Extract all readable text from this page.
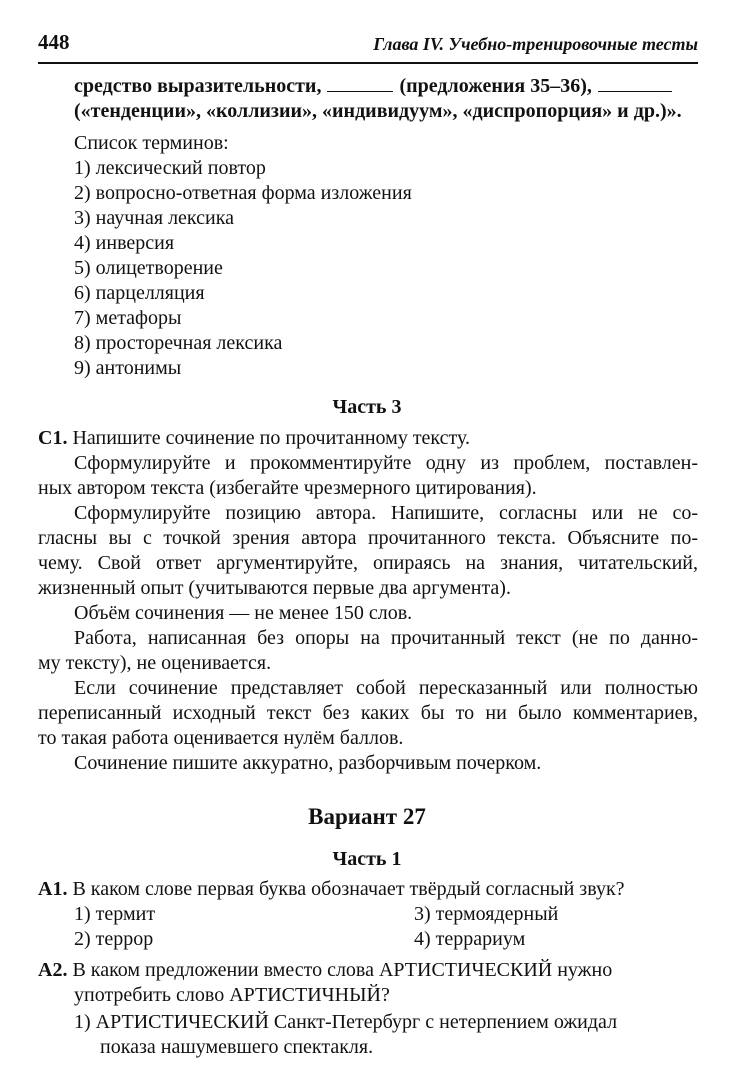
448	Глава IV. Учебно-тренировочные тесты
средство выразительности,	(предложения 35–36),
(«тенденции», «коллизии», «индивидуум», «диспропорция» и др.)».
Список терминов:
1) лексический повтор
2) вопросно-ответная форма изложения
3) научная лексика
4) инверсия
5) олицетворение
6) парцелляция
7) метафоры
8) просторечная лексика
9) антонимы
Часть 3
С1. Напишите сочинение по прочитанному тексту.
Сформулируйте и прокомментируйте одну из проблем, поставлен-
ных автором текста (избегайте чрезмерного цитирования).
Сформулируйте позицию автора. Напишите, согласны или не со-
гласны вы с точкой зрения автора прочитанного текста. Объясните по-
чему. Свой ответ аргументируйте, опираясь на знания, читательский,
жизненный опыт (учитываются первые два аргумента).
Объём сочинения — не менее 150 слов.
Работа, написанная без опоры на прочитанный текст (не по данно-
му тексту), не оценивается.
Если сочинение представляет собой пересказанный или полностью
переписанный исходный текст без каких бы то ни было комментариев,
то такая работа оценивается нулём баллов.
Сочинение пишите аккуратно, разборчивым почерком.
Вариант 27
Часть 1
А1. В каком слове первая буква обозначает твёрдый согласный звук?
1) термит	3) термоядерный
2) террор	4) террариум
А2. В каком предложении вместо слова АРТИСТИЧЕСКИЙ нужно
употребить слово АРТИСТИЧНЫЙ?
1) АРТИСТИЧЕСКИЙ Санкт-Петербург с нетерпением ожидал
показа нашумевшего спектакля.
